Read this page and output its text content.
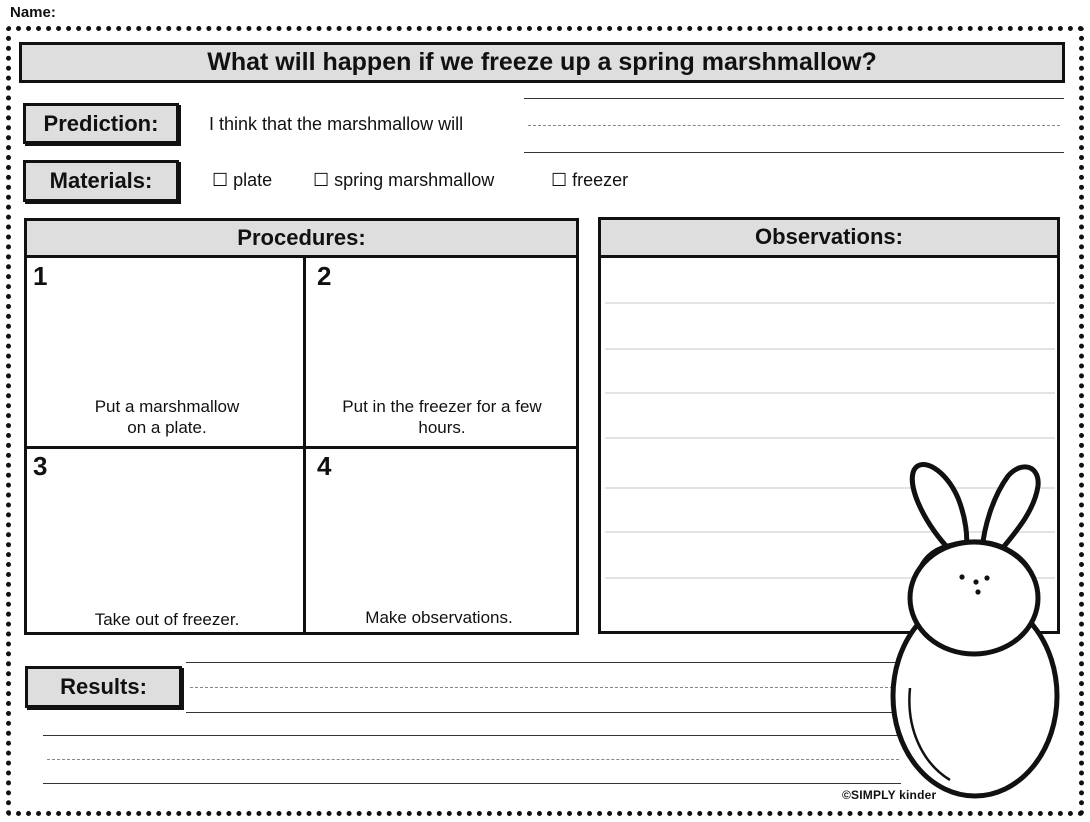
Name:
What will happen if we freeze up a spring marshmallow?
Prediction:	I think that the marshmallow will
Materials:	☐ plate ☐ spring marshmallow	☐ freezer
Procedures:
1
Put a marshmallow
on a plate.
2
Put in the freezer for a few
hours.
3
Take out of freezer.
4
Make observations.
Observations:
Results:
©SIMPLY kinder
